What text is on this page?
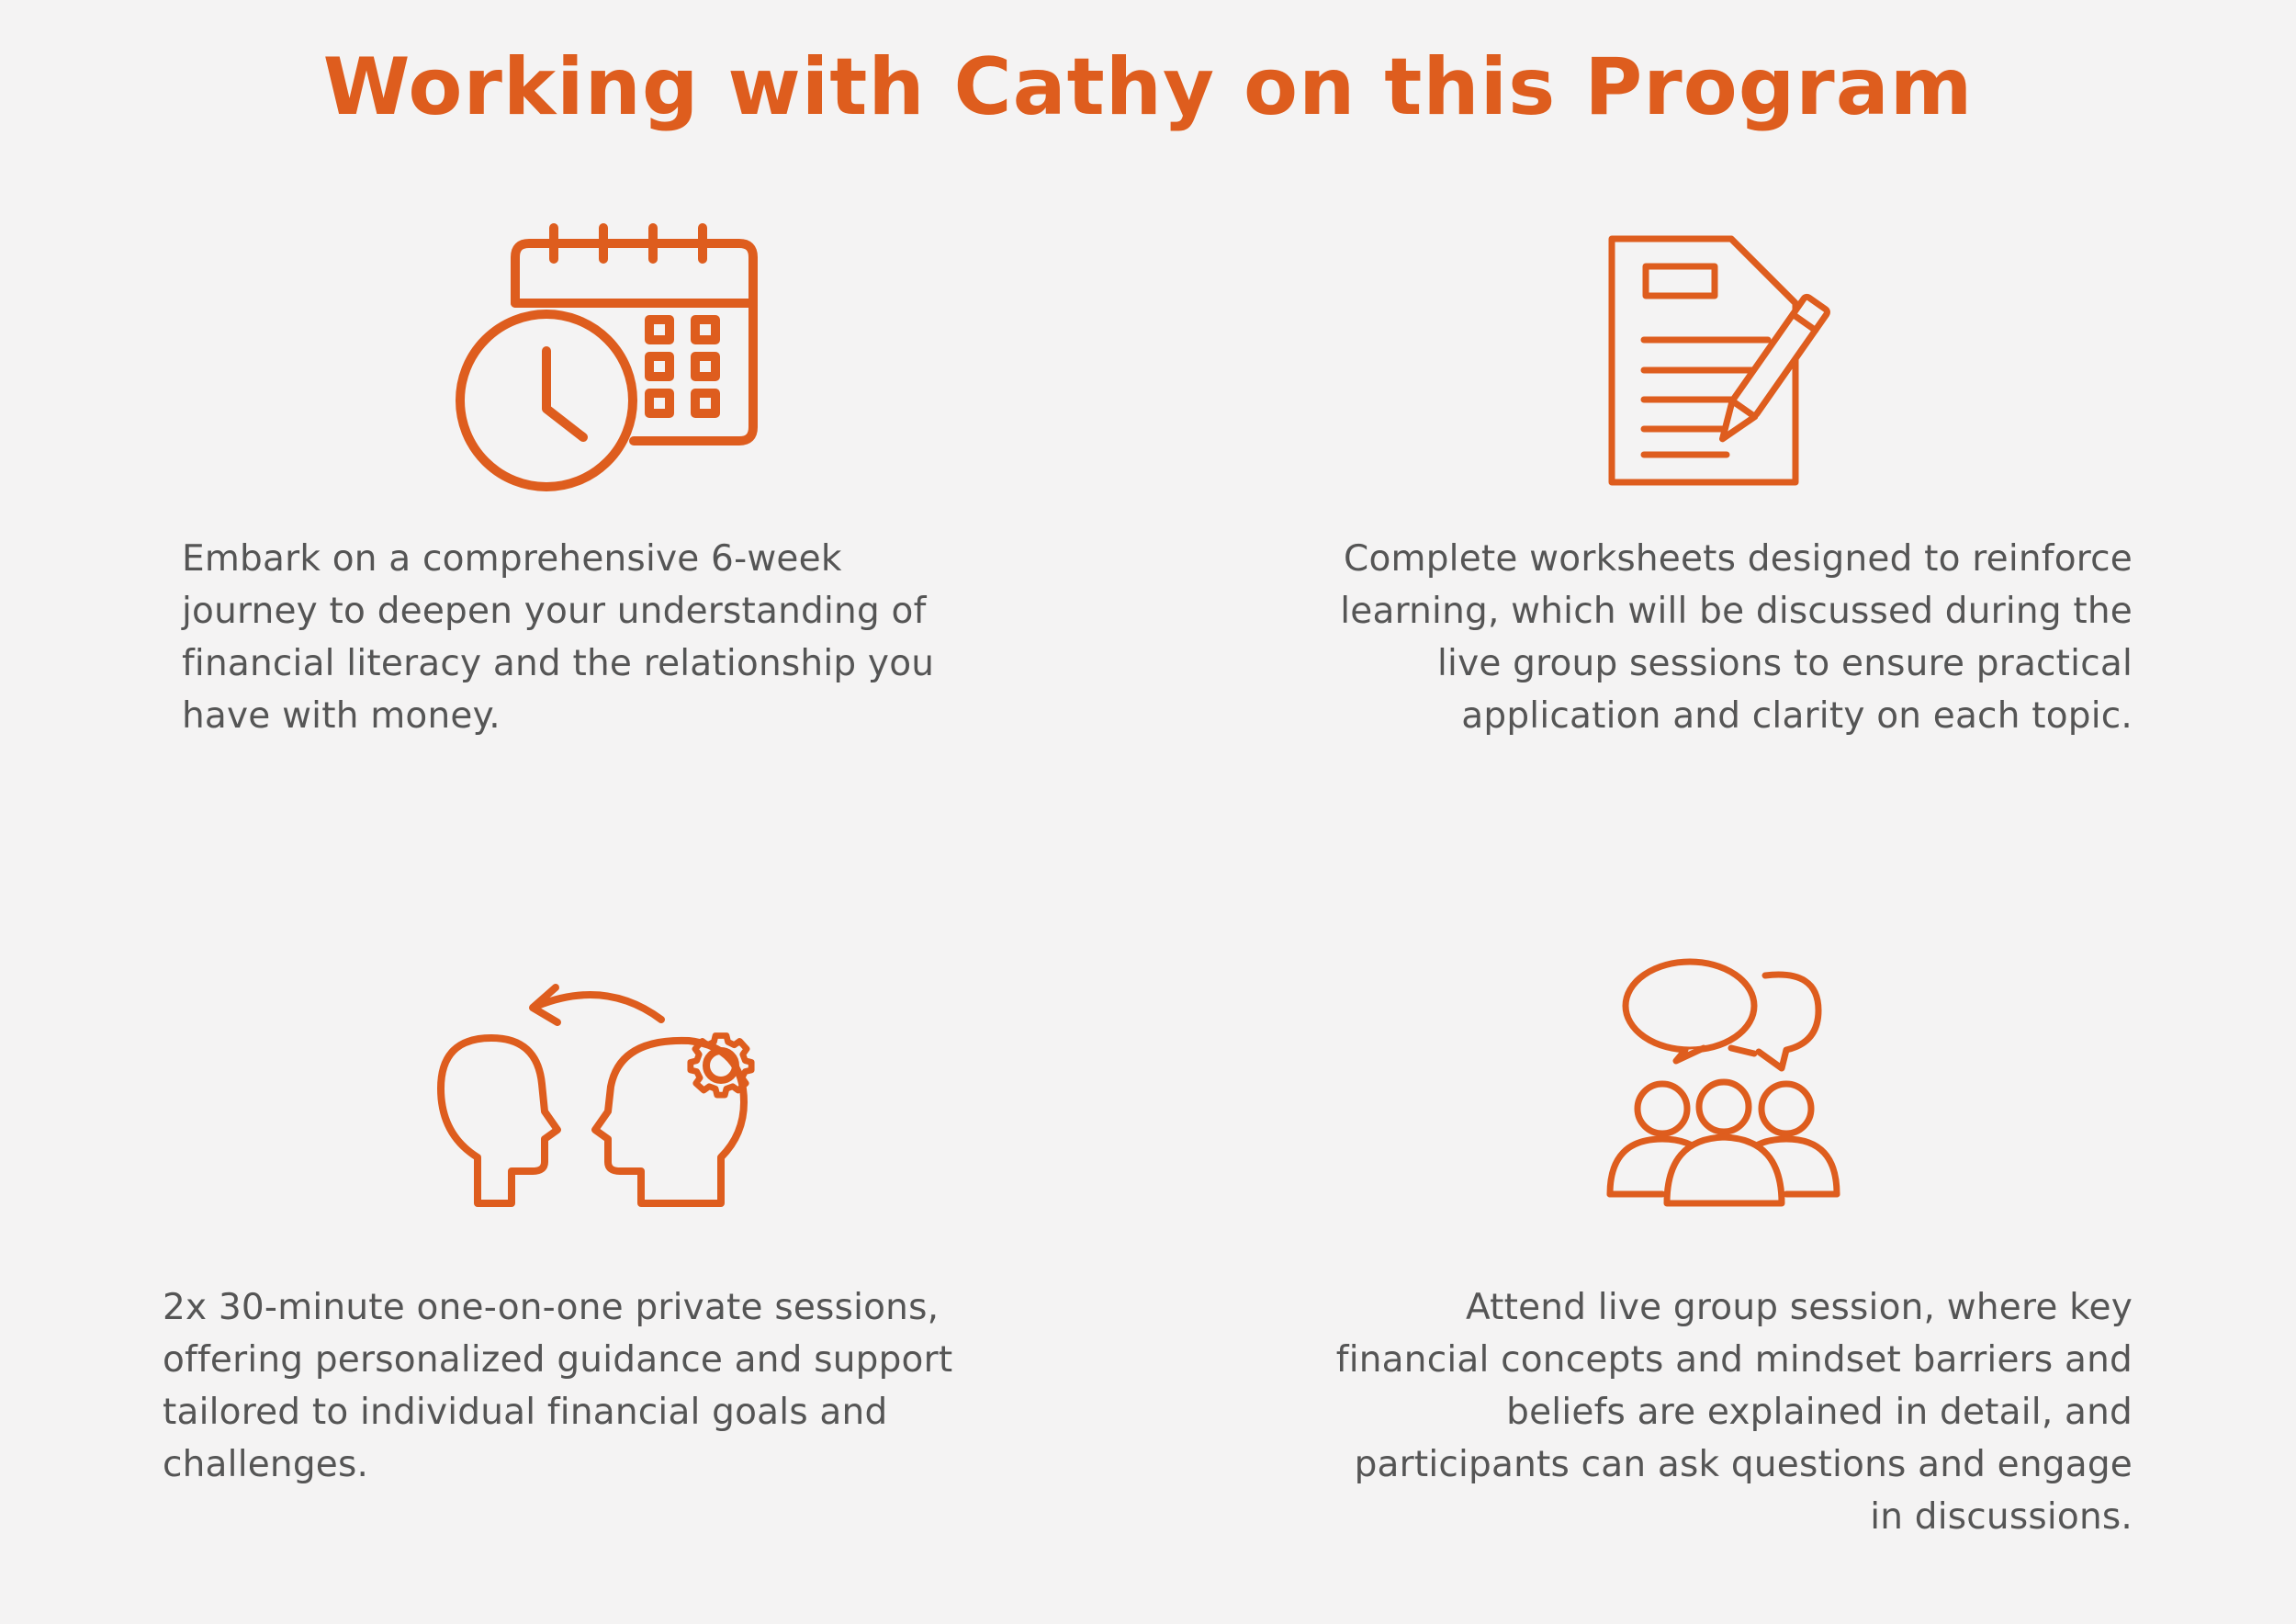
Working with Cathy on this Program
Embark on a comprehensive 6-week
journey to deepen your understanding of
financial literacy and the relationship you
have with money.
Complete worksheets designed to reinforce
learning, which will be discussed during the
live group sessions to ensure practical
application and clarity on each topic.
2x 30-minute one-on-one private sessions,
offering personalized guidance and support
tailored to individual financial goals and
challenges.
Attend live group session, where key
financial concepts and mindset barriers and
beliefs are explained in detail, and
participants can ask questions and engage
in discussions.
